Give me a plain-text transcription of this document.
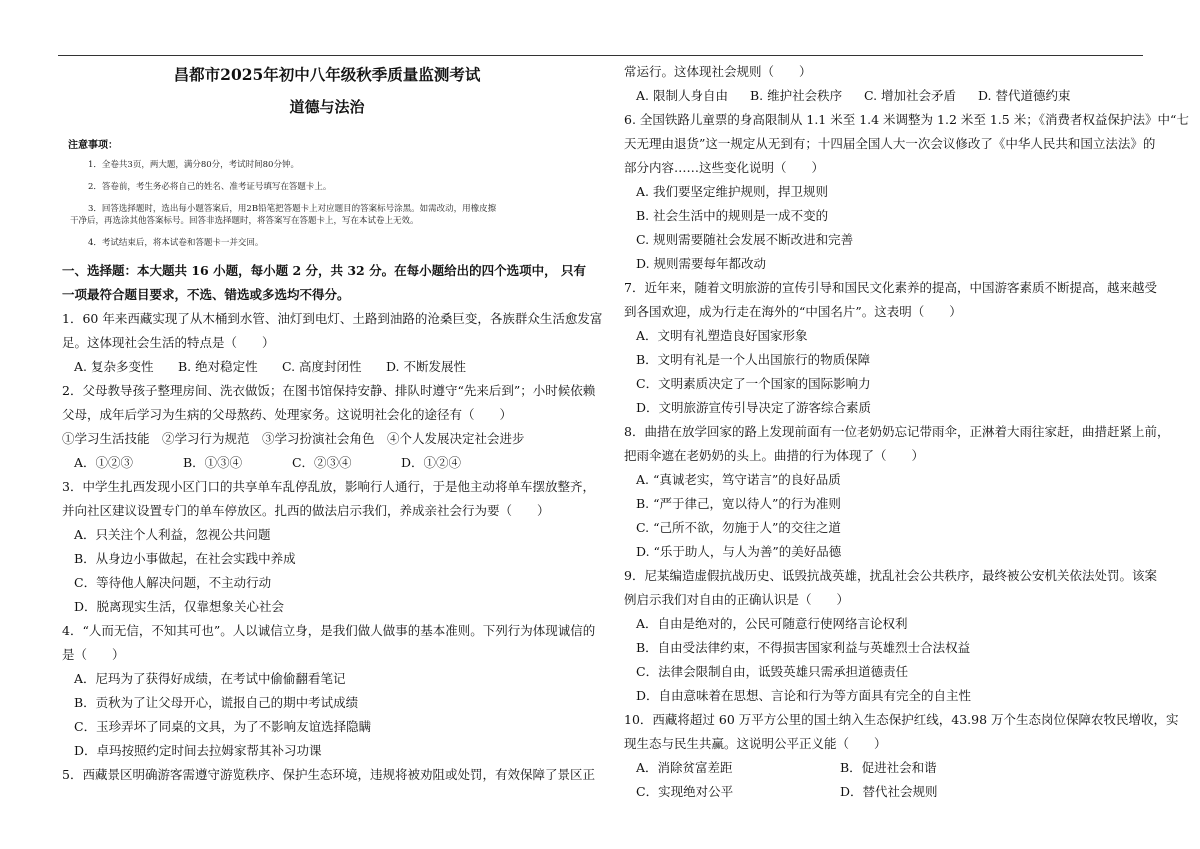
昌都市2025年初中八年级秋季质量监测考试
道德与法治
注意事项：
1．全卷共3页，两大题，满分80分，考试时间80分钟。
2．答卷前，考生务必将自己的姓名、准考证号填写在答题卡上。
3．回答选择题时，选出每小题答案后，用2B铅笔把答题卡上对应题目的答案标号涂黑。如需改动，用橡皮擦
干净后，再选涂其他答案标号。回答非选择题时，将答案写在答题卡上，写在本试卷上无效。
4．考试结束后，将本试卷和答题卡一并交回。
一、选择题：本大题共 16 小题，每小题 2 分，共 32 分。在每小题给出的四个选项中， 只有
一项最符合题目要求，不选、错选或多选均不得分。
1．60 年来西藏实现了从木桶到水管、油灯到电灯、土路到油路的沧桑巨变，各族群众生活愈发富
足。这体现社会生活的特点是（　　）
A. 复杂多变性 B. 绝对稳定性 C. 高度封闭性 D. 不断发展性
2．父母教导孩子整理房间、洗衣做饭；在图书馆保持安静、排队时遵守“先来后到”；小时候依赖
父母，成年后学习为生病的父母熬药、处理家务。这说明社会化的途径有（　　）
①学习生活技能　②学习行为规范　③学习扮演社会角色　④个人发展决定社会进步
A．①②③	B．①③④	C．②③④	D．①②④
3．中学生扎西发现小区门口的共享单车乱停乱放，影响行人通行，于是他主动将单车摆放整齐，
并向社区建议设置专门的单车停放区。扎西的做法启示我们，养成亲社会行为要（　　）
A．只关注个人利益，忽视公共问题
B．从身边小事做起，在社会实践中养成
C．等待他人解决问题，不主动行动
D．脱离现实生活，仅靠想象关心社会
4．“人而无信，不知其可也”。人以诚信立身，是我们做人做事的基本准则。下列行为体现诚信的
是（　　）
A．尼玛为了获得好成绩，在考试中偷偷翻看笔记
B．贡秋为了让父母开心，谎报自己的期中考试成绩
C．玉珍弄坏了同桌的文具，为了不影响友谊选择隐瞒
D．卓玛按照约定时间去拉姆家帮其补习功课
5．西藏景区明确游客需遵守游览秩序、保护生态环境，违规将被劝阻或处罚，有效保障了景区正
常运行。这体现社会规则（　　）
A. 限制人身自由 B. 维护社会秩序 C. 增加社会矛盾 D. 替代道德约束
6. 全国铁路儿童票的身高限制从 1.1 米至 1.4 米调整为 1.2 米至 1.5 米；《消费者权益保护法》中“七
天无理由退货”这一规定从无到有；十四届全国人大一次会议修改了《中华人民共和国立法法》的
部分内容……这些变化说明（　　）
A. 我们要坚定维护规则，捍卫规则
B. 社会生活中的规则是一成不变的
C. 规则需要随社会发展不断改进和完善
D. 规则需要每年都改动
7．近年来，随着文明旅游的宣传引导和国民文化素养的提高，中国游客素质不断提高，越来越受
到各国欢迎，成为行走在海外的“中国名片”。这表明（　　）
A．文明有礼塑造良好国家形象
B．文明有礼是一个人出国旅行的物质保障
C．文明素质决定了一个国家的国际影响力
D．文明旅游宣传引导决定了游客综合素质
8．曲措在放学回家的路上发现前面有一位老奶奶忘记带雨伞，正淋着大雨往家赶，曲措赶紧上前，
把雨伞遮在老奶奶的头上。曲措的行为体现了（　　）
A. “真诚老实，笃守诺言”的良好品质
B. “严于律己，宽以待人”的行为准则
C. “己所不欲，勿施于人”的交往之道
D. “乐于助人，与人为善”的美好品德
9．尼某编造虚假抗战历史、诋毁抗战英雄，扰乱社会公共秩序，最终被公安机关依法处罚。该案
例启示我们对自由的正确认识是（　　）
A．自由是绝对的，公民可随意行使网络言论权利
B．自由受法律约束，不得损害国家利益与英雄烈士合法权益
C．法律会限制自由，诋毁英雄只需承担道德责任
D．自由意味着在思想、言论和行为等方面具有完全的自主性
10．西藏将超过 60 万平方公里的国土纳入生态保护红线，43.98 万个生态岗位保障农牧民增收，实
现生态与民生共赢。这说明公平正义能（　　）
A．消除贫富差距	B．促进社会和谐
C．实现绝对公平	D．替代社会规则
